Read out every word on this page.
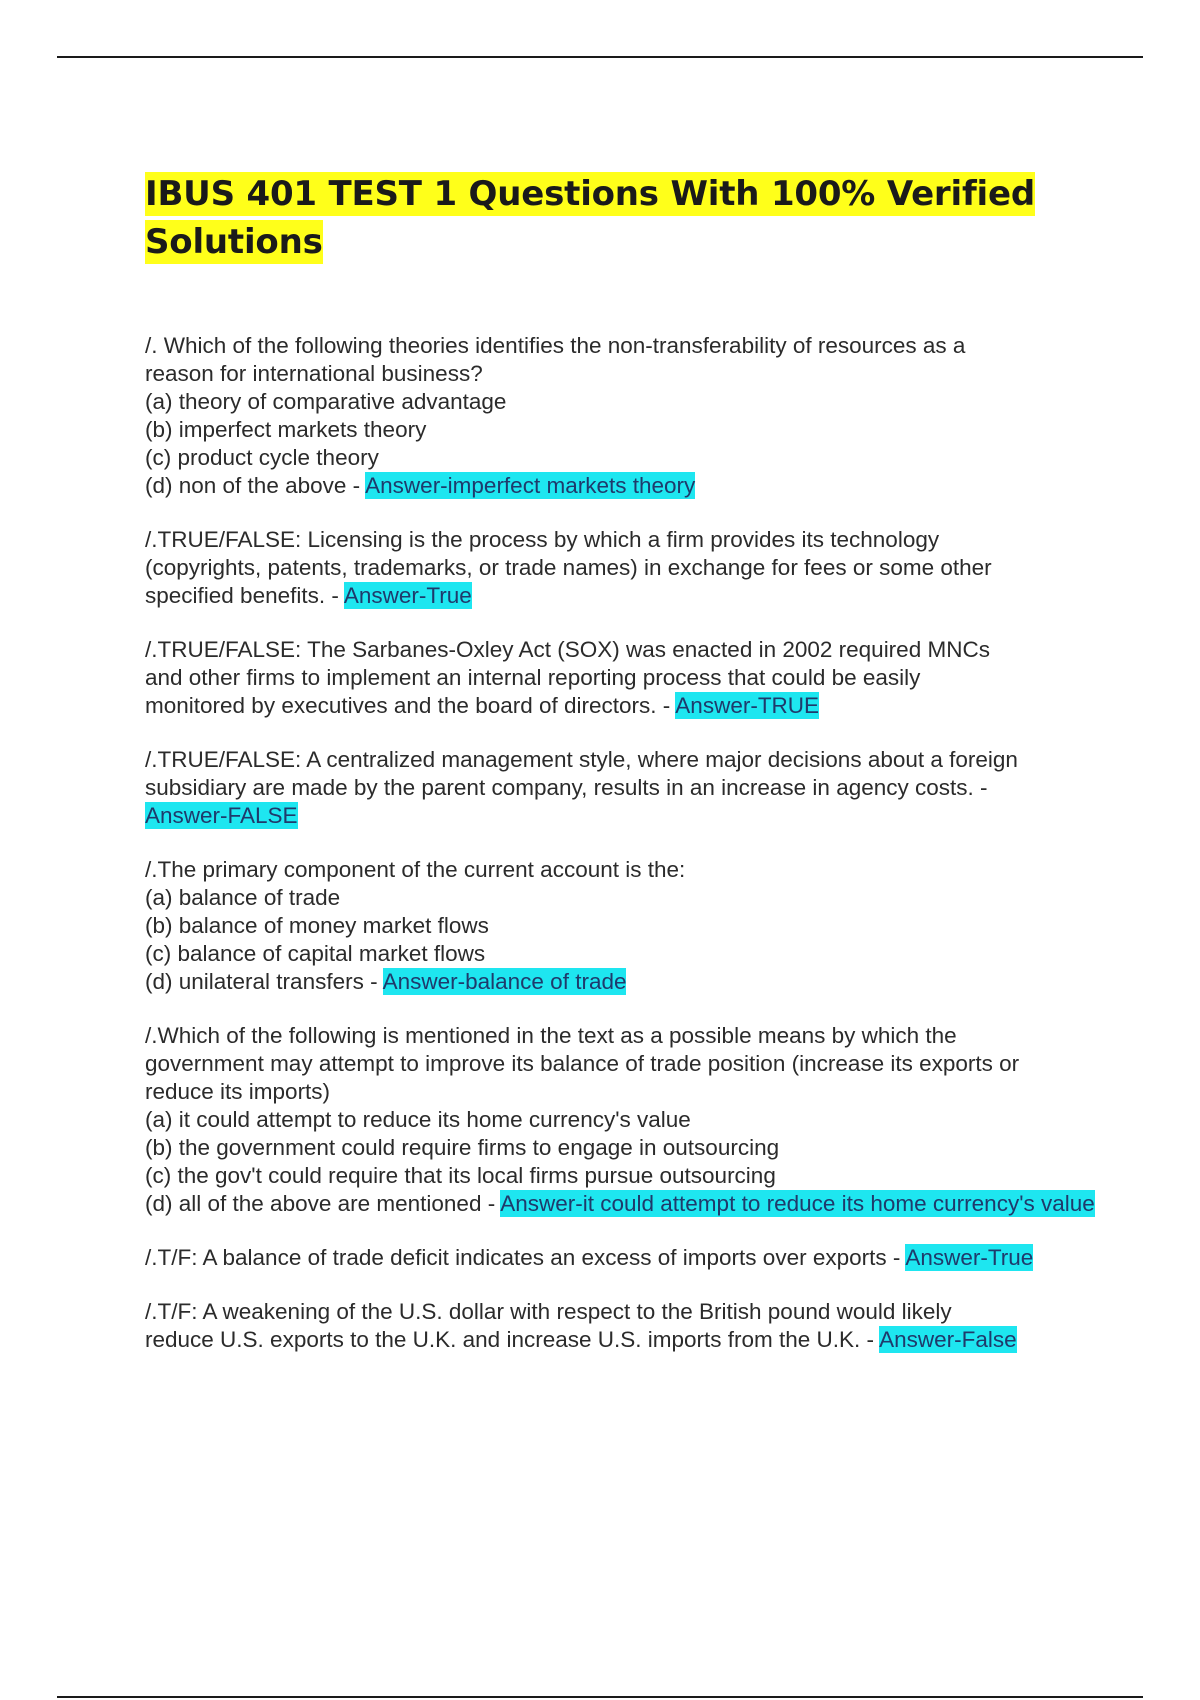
IBUS 401 TEST 1 Questions With 100% Verified
Solutions
/. Which of the following theories identifies the non-transferability of resources as a
reason for international business?
(a) theory of comparative advantage
(b) imperfect markets theory
(c) product cycle theory
(d) non of the above - Answer-imperfect markets theory
/.TRUE/FALSE: Licensing is the process by which a firm provides its technology
(copyrights, patents, trademarks, or trade names) in exchange for fees or some other
specified benefits. - Answer-True
/.TRUE/FALSE: The Sarbanes-Oxley Act (SOX) was enacted in 2002 required MNCs
and other firms to implement an internal reporting process that could be easily
monitored by executives and the board of directors. - Answer-TRUE
/.TRUE/FALSE: A centralized management style, where major decisions about a foreign
subsidiary are made by the parent company, results in an increase in agency costs. -
Answer-FALSE
/.The primary component of the current account is the:
(a) balance of trade
(b) balance of money market flows
(c) balance of capital market flows
(d) unilateral transfers - Answer-balance of trade
/.Which of the following is mentioned in the text as a possible means by which the
government may attempt to improve its balance of trade position (increase its exports or
reduce its imports)
(a) it could attempt to reduce its home currency's value
(b) the government could require firms to engage in outsourcing
(c) the gov't could require that its local firms pursue outsourcing
(d) all of the above are mentioned - Answer-it could attempt to reduce its home currency's value
/.T/F: A balance of trade deficit indicates an excess of imports over exports - Answer-True
/.T/F: A weakening of the U.S. dollar with respect to the British pound would likely
reduce U.S. exports to the U.K. and increase U.S. imports from the U.K. - Answer-False
